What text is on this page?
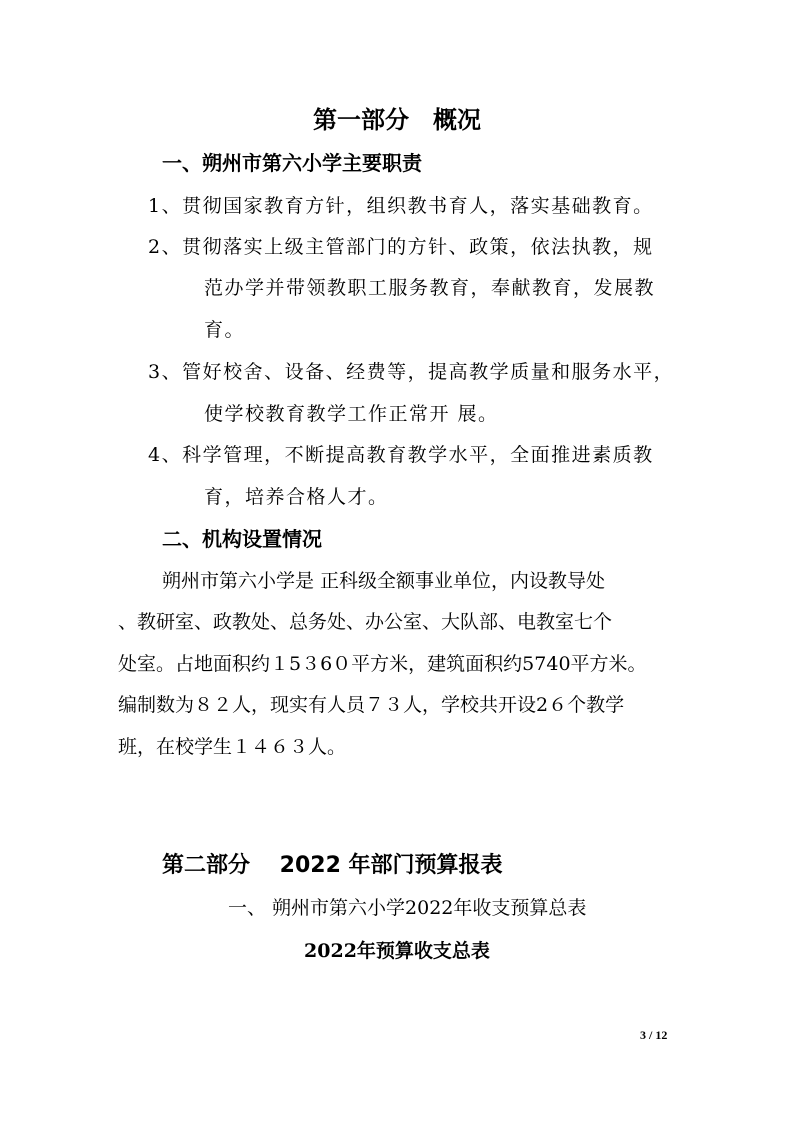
第一部分　概况
一、朔州市第六小学主要职责
1、贯彻国家教育方针，组织教书育人，落实基础教育。
2、贯彻落实上级主管部门的方针、政策，依法执教，规
范办学并带领教职工服务教育，奉献教育，发展教
育。
3、管好校舍、设备、经费等，提高教学质量和服务水平，
使学校教育教学工作正常开 展。
4、科学管理，不断提高教育教学水平，全面推进素质教
育，培养合格人才。
二、机构设置情况
朔州市第六小学是 正科级全额事业单位，内设教导处
、教研室、政教处、总务处、办公室、大队部、电教室七个
处室。占地面积约１5３6０平方米，建筑面积约5740平方米。
编制数为８２人，现实有人员７３人，学校共开设2６个教学
班，在校学生１４６３人。
第二部分　 2022 年部门预算报表
一、 朔州市第六小学2022年收支预算总表
2022年预算收支总表
3 / 12
